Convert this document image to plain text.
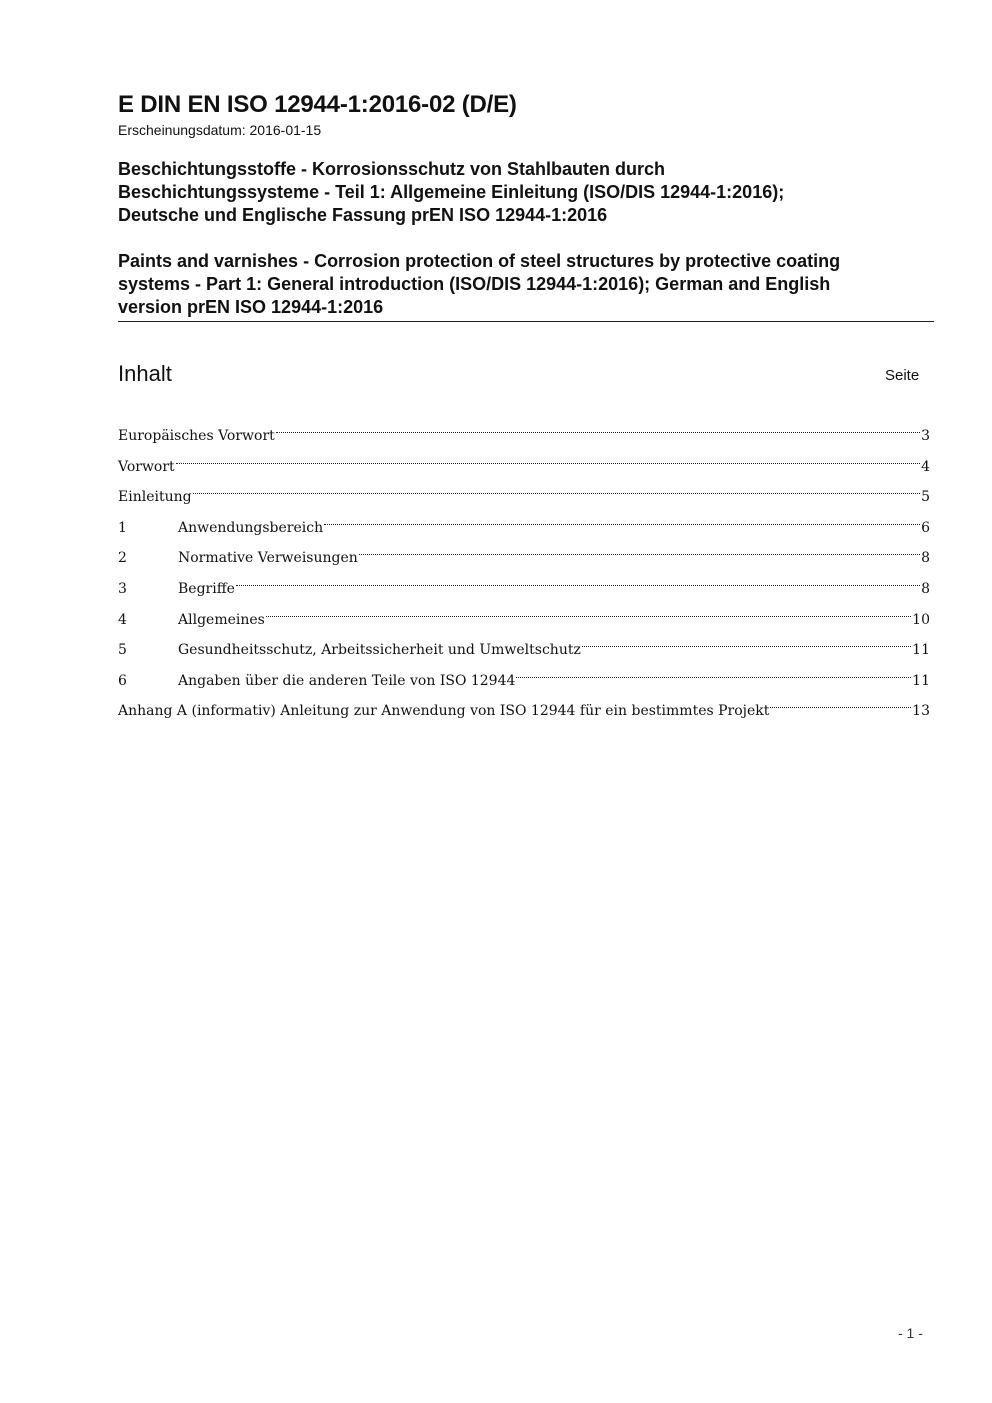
E DIN EN ISO 12944-1:2016-02 (D/E)
Erscheinungsdatum: 2016-01-15
Beschichtungsstoffe - Korrosionsschutz von Stahlbauten durch
Beschichtungssysteme - Teil 1: Allgemeine Einleitung (ISO/DIS 12944-1:2016);
Deutsche und Englische Fassung prEN ISO 12944-1:2016
Paints and varnishes - Corrosion protection of steel structures by protective coating
systems - Part 1: General introduction (ISO/DIS 12944-1:2016); German and English
version prEN ISO 12944-1:2016
Inhalt	Seite
Europäisches Vorwort	3
Vorwort	4
Einleitung	5
1	Anwendungsbereich	6
2	Normative Verweisungen	8
3	Begriffe	8
4	Allgemeines	10
5	Gesundheitsschutz, Arbeitssicherheit und Umweltschutz	11
6	Angaben über die anderen Teile von ISO 12944	11
Anhang A (informativ) Anleitung zur Anwendung von ISO 12944 für ein bestimmtes Projekt	13
- 1 -
